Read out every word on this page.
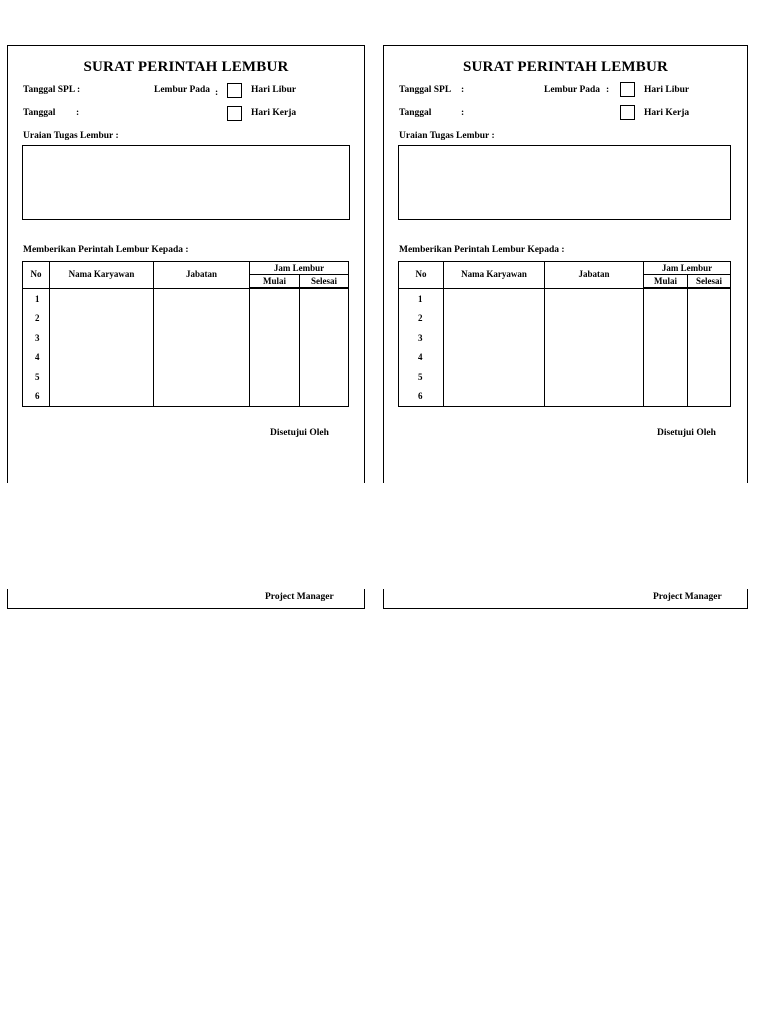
SURAT PERINTAH LEMBUR
Tanggal SPL :	Lembur Pada :	Hari Libur
Tanggal :	Hari Kerja
Uraian Tugas Lembur :
Memberikan Perintah Lembur Kepada :
No	Nama Karyawan	Jabatan	Jam Lembur	
			Mulai	Selesai
1				
2				
3				
4				
5				
6				
Disetujui Oleh
Project Manager
SURAT PERINTAH LEMBUR
Tanggal SPL :	Lembur Pada :	Hari Libur
Tanggal	:	Hari Kerja
Uraian Tugas Lembur :
Memberikan Perintah Lembur Kepada :
No	Nama Karyawan	Jabatan	Jam Lembur	
			Mulai	Selesai
1				
2				
3				
4				
5				
6				
Disetujui Oleh
Project Manager
